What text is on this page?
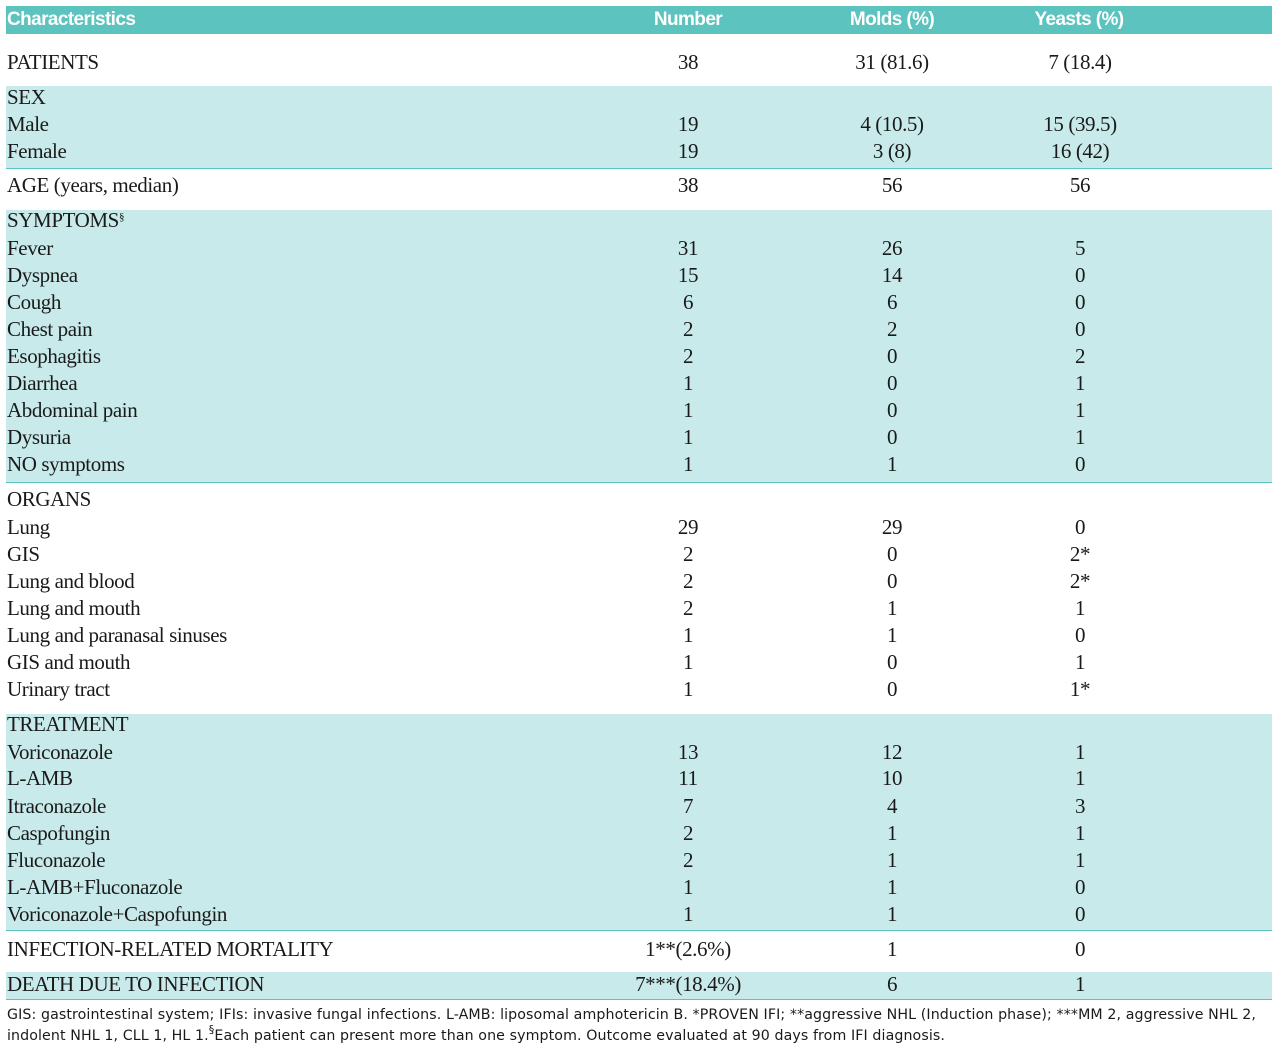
Characteristics	Number	Molds (%)	Yeasts (%)
PATIENTS	38	31 (81.6)	7 (18.4)
SEX
Male	19	4 (10.5)	15 (39.5)
Female	19	3 (8)	16 (42)
AGE (years, median)	38	56	56
SYMPTOMS§
Fever	31	26	5
Dyspnea	15	14	0
Cough	6	6	0
Chest pain	2	2	0
Esophagitis	2	0	2
Diarrhea	1	0	1
Abdominal pain	1	0	1
Dysuria	1	0	1
NO symptoms	1	1	0
ORGANS
Lung	29	29	0
GIS	2	0	2*
Lung and blood	2	0	2*
Lung and mouth	2	1	1
Lung and paranasal sinuses	1	1	0
GIS and mouth	1	0	1
Urinary tract	1	0	1*
TREATMENT
Voriconazole	13	12	1
L-AMB	11	10	1
Itraconazole	7	4	3
Caspofungin	2	1	1
Fluconazole	2	1	1
L-AMB+Fluconazole	1	1	0
Voriconazole+Caspofungin	1	1	0
INFECTION-RELATED MORTALITY	1**(2.6%)	1	0
DEATH DUE TO INFECTION	7***(18.4%)	6	1
GIS: gastrointestinal system; IFIs: invasive fungal infections. L-AMB: liposomal amphotericin B. *PROVEN IFI; **aggressive NHL (Induction phase); ***MM 2, aggressive NHL 2, indolent NHL 1, CLL 1, HL 1.§Each patient can present more than one symptom. Outcome evaluated at 90 days from IFI diagnosis.
